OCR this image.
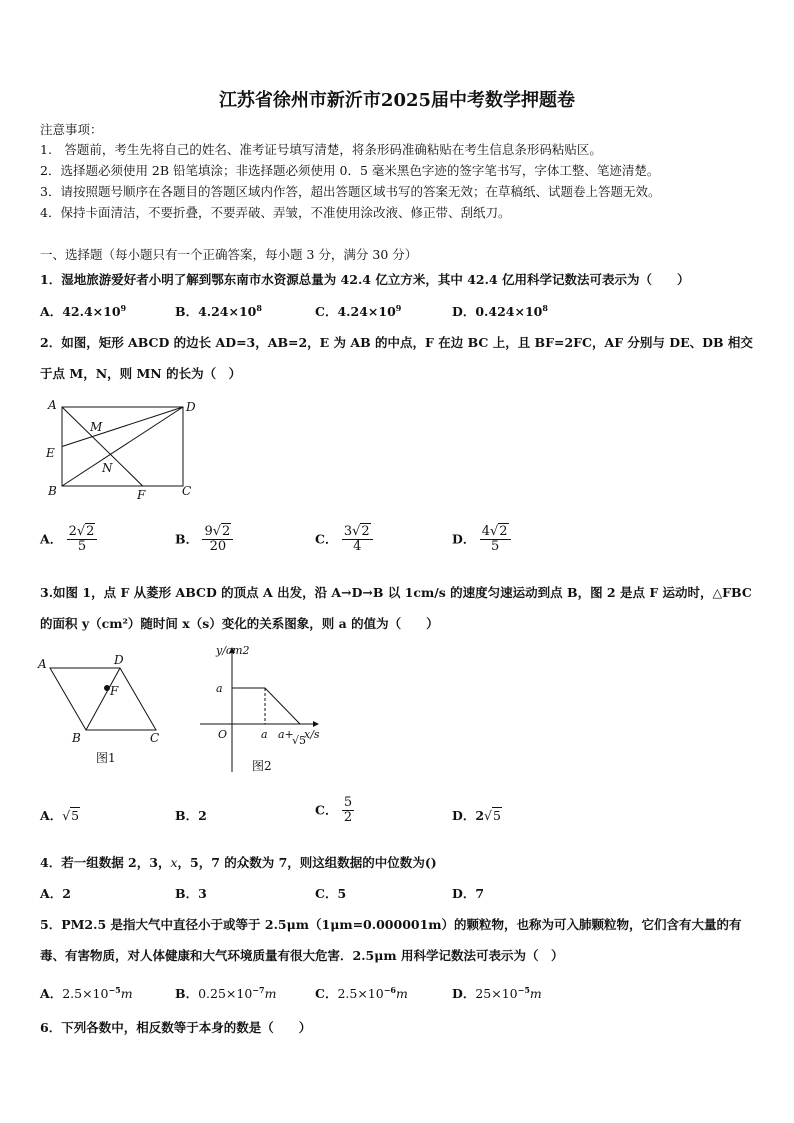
江苏省徐州市新沂市2025届中考数学押题卷
注意事项：
1.　答题前，考生先将自己的姓名、准考证号填写清楚，将条形码准确粘贴在考生信息条形码粘贴区。
2．选择题必须使用 2B 铅笔填涂；非选择题必须使用 0．5 毫米黑色字迹的签字笔书写，字体工整、笔迹清楚。
3．请按照题号顺序在各题目的答题区域内作答，超出答题区域书写的答案无效；在草稿纸、试题卷上答题无效。
4．保持卡面清洁，不要折叠，不要弄破、弄皱，不准使用涂改液、修正带、刮纸刀。
一、选择题（每小题只有一个正确答案，每小题 3 分，满分 30 分）
1．湿地旅游爱好者小明了解到鄂东南市水资源总量为 42.4 亿立方米，其中 42.4 亿用科学记数法可表示为（　　）
A．$42.4\times 10^9$	B．$4.24\times 10^8$	C．$4.24\times 10^9$	D．$0.424\times 10^8$
2．如图，矩形 ABCD 的边长 AD=3，AB=2，E 为 AB 的中点，F 在边 BC 上，且 BF=2FC，AF 分别与 DE、DB 相交
于点 M，N，则 MN 的长为（　）
A	D
E
B	C
F
M
N
A． $\frac{2√2}{5}$	B． $\frac{9√2}{20}$	C． $\frac{3√2}{4}$	D． $\frac{4√2}{5}$
3.如图 1，点 F 从菱形 ABCD 的顶点 A 出发，沿 A→D→B 以 1cm/s 的速度匀速运动到点 B，图 2 是点 F 运动时，△FBC
的面积 y（cm²）随时间 x（s）变化的关系图象，则 a 的值为（　　）
A	D
F
B	C
图1
y/cm2
a
O	a a+
√5
x/s
图2
A．√5	B．2	C． $\frac{5}{2}$	D．2√5
4．若一组数据 2，3，x，5，7 的众数为 7，则这组数据的中位数为()
A．2	B．3	C．5	D．7
5．PM2.5 是指大气中直径小于或等于 2.5μm（1μm=0.000001m）的颗粒物，也称为可入肺颗粒物，它们含有大量的有
毒、有害物质，对人体健康和大气环境质量有很大危害．2.5μm 用科学记数法可表示为（　）
A．$2.5\times 10^{-5}m$	B．$0.25\times 10^{-7}m$	C．$2.5\times 10^{-6}m$	D．$25\times 10^{-5}m$
6．下列各数中，相反数等于本身的数是（　　）
